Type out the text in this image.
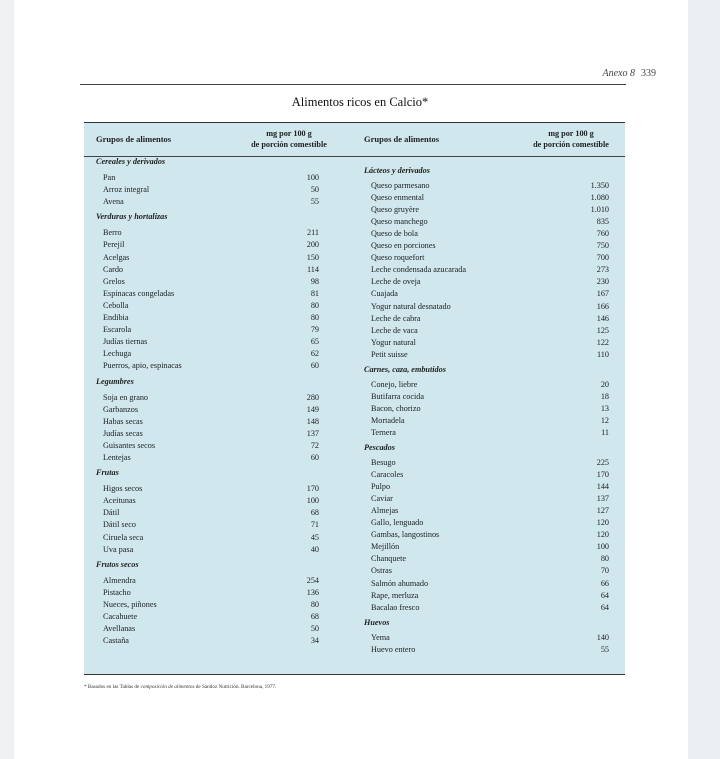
Anexo 8 339
Alimentos ricos en Calcio*
Grupos de alimentos
mg por 100 g
de porción comestible
Cereales y derivados
Pan	100
Arroz integral	50
Avena	55
Verduras y hortalizas
Berro	211
Perejil	200
Acelgas	150
Cardo	114
Grelos	98
Espinacas congeladas	81
Cebolla	80
Endibia	80
Escarola	79
Judías tiernas	65
Lechuga	62
Puerros, apio, espinacas	60
Legumbres
Soja en grano	280
Garbanzos	149
Habas secas	148
Judías secas	137
Guisantes secos	72
Lentejas	60
Frutas
Higos secos	170
Aceitunas	100
Dátil	68
Dátil seco	71
Ciruela seca	45
Uva pasa	40
Frutos secos
Almendra	254
Pistacho	136
Nueces, piñones	80
Cacahuete	68
Avellanas	50
Castaña	34
Grupos de alimentos
mg por 100 g
de porción comestible
Lácteos y derivados
Queso parmesano	1.350
Queso enmental	1.080
Queso gruyère	1.010
Queso manchego	835
Queso de bola	760
Queso en porciones	750
Queso roquefort	700
Leche condensada azucarada	273
Leche de oveja	230
Cuajada	167
Yogur natural desnatado	166
Leche de cabra	146
Leche de vaca	125
Yogur natural	122
Petit suisse	110
Carnes, caza, embutidos
Conejo, liebre	20
Butifarra cocida	18
Bacon, chorizo	13
Mortadela	12
Ternera	11
Pescados
Besugo	225
Caracoles	170
Pulpo	144
Caviar	137
Almejas	127
Gallo, lenguado	120
Gambas, langostinos	120
Mejillón	100
Chanquete	80
Ostras	70
Salmón ahumado	66
Rape, merluza	64
Bacalao fresco	64
Huevos
Yema	140
Huevo entero	55
* Basados en las Tablas de composición de alimentos de Sandoz Nutrición. Barcelona, 1977.
